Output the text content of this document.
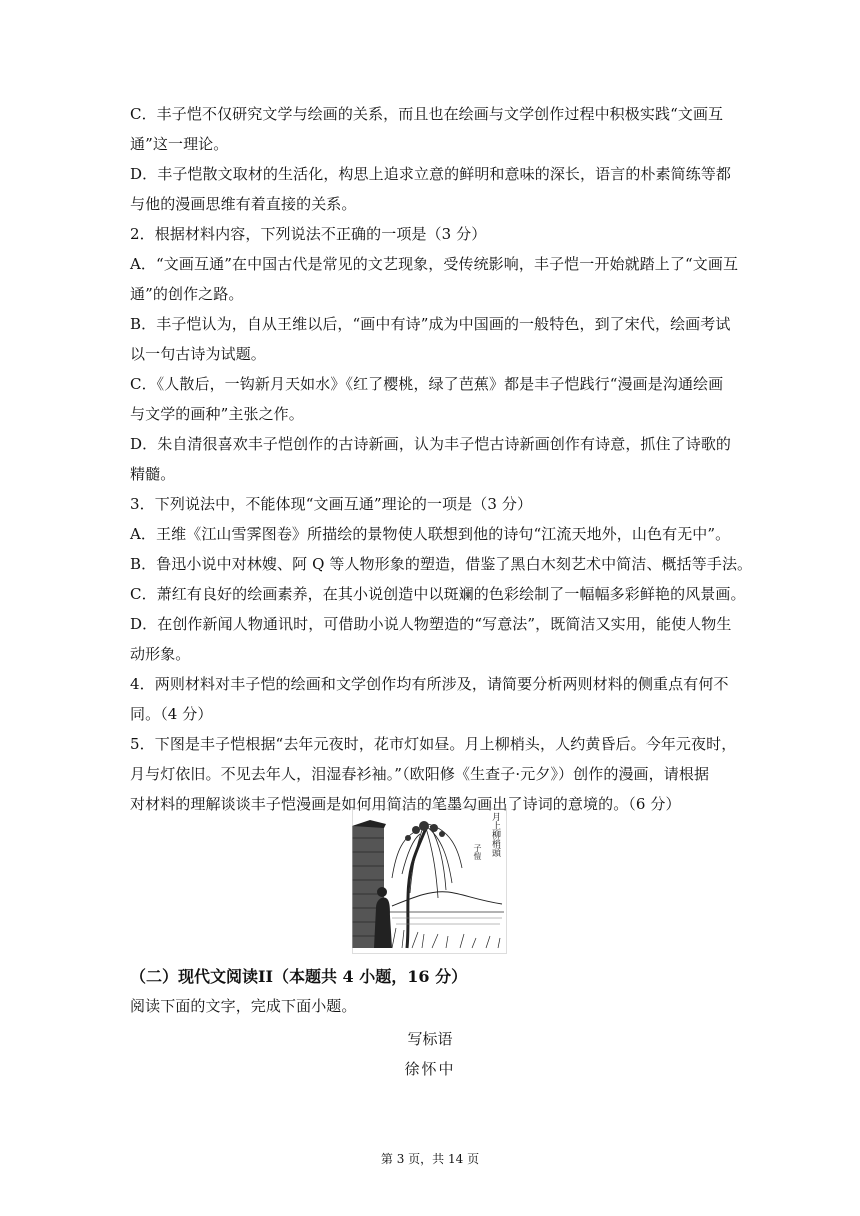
C．丰子恺不仅研究文学与绘画的关系，而且也在绘画与文学创作过程中积极实践“文画互
通”这一理论。
D．丰子恺散文取材的生活化，构思上追求立意的鲜明和意味的深长，语言的朴素简练等都
与他的漫画思维有着直接的关系。
2．根据材料内容，下列说法不正确的一项是（3 分）
A．“文画互通”在中国古代是常见的文艺现象，受传统影响，丰子恺一开始就踏上了“文画互
通”的创作之路。
B．丰子恺认为，自从王维以后，“画中有诗”成为中国画的一般特色，到了宋代，绘画考试
以一句古诗为试题。
C．《人散后，一钩新月天如水》《红了樱桃，绿了芭蕉》都是丰子恺践行“漫画是沟通绘画
与文学的画种”主张之作。
D．朱自清很喜欢丰子恺创作的古诗新画，认为丰子恺古诗新画创作有诗意，抓住了诗歌的
精髓。
3．下列说法中，不能体现“文画互通”理论的一项是（3 分）
A．王维《江山雪霁图卷》所描绘的景物使人联想到他的诗句“江流天地外，山色有无中”。
B．鲁迅小说中对林嫂、阿 Q 等人物形象的塑造，借鉴了黑白木刻艺术中简洁、概括等手法。
C．萧红有良好的绘画素养，在其小说创造中以斑斓的色彩绘制了一幅幅多彩鲜艳的风景画。
D．在创作新闻人物通讯时，可借助小说人物塑造的“写意法”，既简洁又实用，能使人物生
动形象。
4．两则材料对丰子恺的绘画和文学创作均有所涉及，请简要分析两则材料的侧重点有何不
同。（4 分）
5．下图是丰子恺根据“去年元夜时，花市灯如昼。月上柳梢头，人约黄昏后。今年元夜时，
月与灯依旧。不见去年人，泪湿春衫袖。”（欧阳修《生查子·元夕》）创作的漫画，请根据
对材料的理解谈谈丰子恺漫画是如何用简洁的笔墨勾画出了诗词的意境的。（6 分）
月上柳梢頭
子愷
（二）现代文阅读II（本题共 4 小题，16 分）
阅读下面的文字，完成下面小题。
写标语
徐怀中
第 3 页，共 14 页
